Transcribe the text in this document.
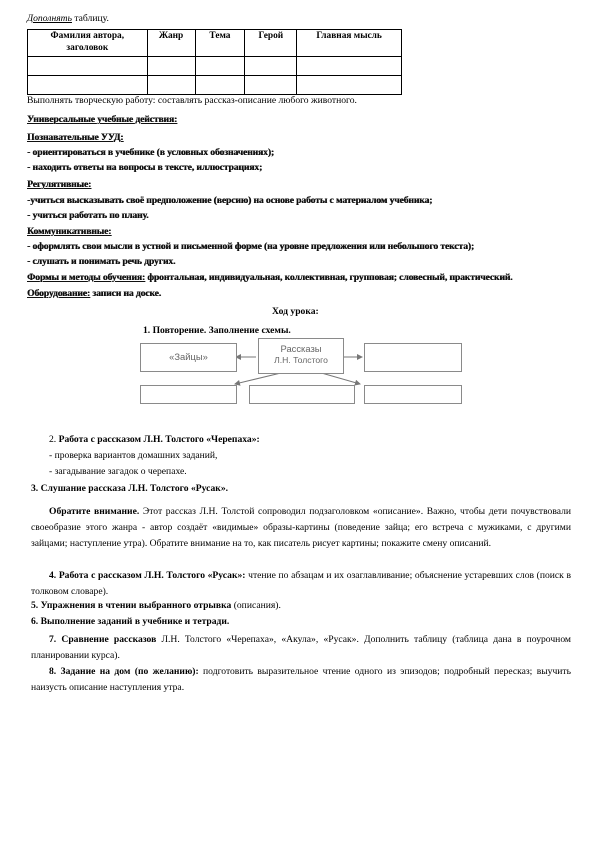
Дополнять таблицу.
Фамилия автора, заголовок	Жанр	Тема	Герой	Главная мысль

Выполнять творческую работу: составлять рассказ-описание любого животного.
Универсальные учебные действия:
Познавательные УУД:
- ориентироваться в учебнике (в условных обозначениях);
- находить ответы на вопросы в тексте, иллюстрациях;
Регулятивные:
-учиться высказывать своё предположение (версию) на основе работы с материалом учебника;
- учиться работать по плану.
Коммуникативные:
- оформлять свои мысли в устной и письменной форме (на уровне предложения или небольшого текста);
- слушать и понимать речь других.
Формы и методы обучения: фронтальная, индивидуальная, коллективная, групповая; словесный, практический.
Оборудование: записи на доске.
Ход урока:
1. Повторение. Заполнение схемы.
«Зайцы»
Рассказы
Л.Н. Толстого
2. Работа с рассказом Л.Н. Толстого «Черепаха»:
- проверка вариантов домашних заданий,
- загадывание загадок о черепахе.
3. Слушание рассказа Л.Н. Толстого «Русак».
Обратите внимание. Этот рассказ Л.Н. Толстой сопроводил подзаголовком «описание». Важно, чтобы дети почувствовали своеобразие этого жанра - автор создаёт «видимые» образы-картины (поведение зайца; его встреча с мужиками, с другими зайцами; наступление утра). Обратите внимание на то, как писатель рисует картины; покажите смену описаний.
4. Работа с рассказом Л.Н. Толстого «Русак»: чтение по абзацам и их озаглавливание; объяснение устаревших слов (поиск в толковом словаре).
5. Упражнения в чтении выбранного отрывка (описания).
6. Выполнение заданий в учебнике и тетради.
7. Сравнение рассказов Л.Н. Толстого «Черепаха», «Акула», «Русак». Дополнить таблицу (таблица дана в поурочном планировании курса).
8. Задание на дом (по желанию): подготовить выразительное чтение одного из эпизодов; подробный пересказ; выучить наизусть описание наступления утра.
